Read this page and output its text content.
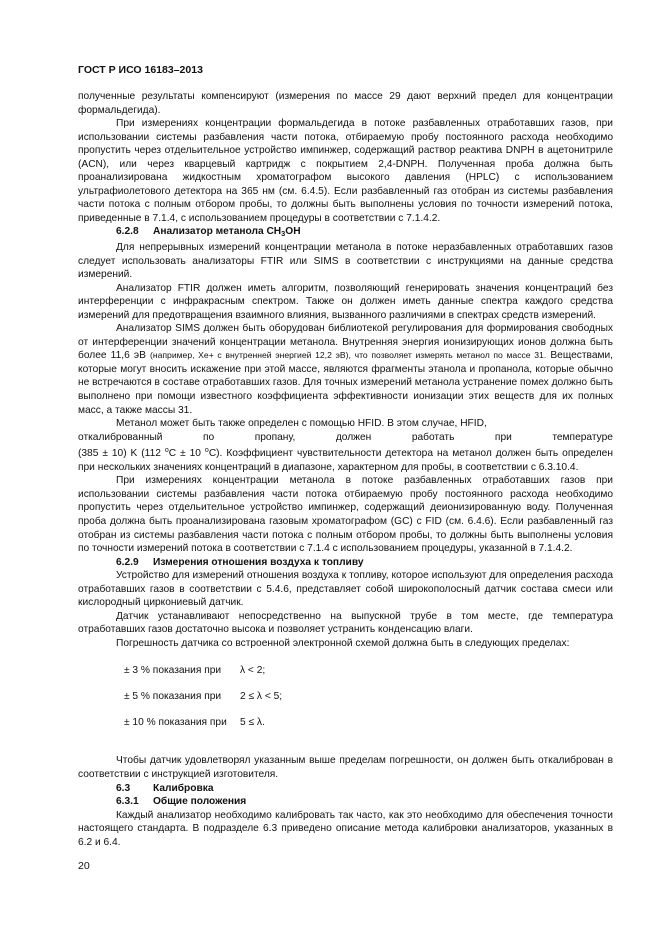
ГОСТ Р ИСО 16183–2013

полученные результаты компенсируют (измерения по массе 29 дают верхний предел для концентрации формальдегида).

При измерениях концентрации формальдегида в потоке разбавленных отработавших газов, при использовании системы разбавления части потока, отбираемую пробу постоянного расхода необходимо пропустить через отдельительное устройство импинжер, содержащий раствор реактива DNPH в ацетонитриле (ACN), или через кварцевый картридж с покрытием 2,4-DNPH. Полученная проба должна быть проанализирована жидкостным хроматографом высокого давления (HPLC) с использованием ультрафиолетового детектора на 365 нм (см. 6.4.5). Если разбавленный газ отобран из системы разбавления части потока с полным отбором пробы, то должны быть выполнены условия по точности измерений потока, приведенные в 7.1.4, с использованием процедуры в соответствии с 7.1.4.2.

6.2.8 Анализатор метанола $CH_3OH$

Для непрерывных измерений концентрации метанола в потоке неразбавленных отработавших газов следует использовать анализаторы FTIR или SIMS в соответствии с инструкциями на данные средства измерений.

Анализатор FTIR должен иметь алгоритм, позволяющий генерировать значения концентраций без интерференции с инфракрасным спектром. Также он должен иметь данные спектра каждого средства измерений для предотвращения взаимного влияния, вызванного различиями в спектрах средств измерений.

Анализатор SIMS должен быть оборудован библиотекой регулирования для формирования свободных от интерференции значений концентрации метанола. Внутренняя энергия ионизирующих ионов должна быть более 11,6 эВ (например, Xe+ с внутренней энергией 12,2 эВ), что позволяет измерять метанол по массе 31. Веществами, которые могут вносить искажение при этой массе, являются фрагменты этанола и пропанола, которые обычно не встречаются в составе отработавших газов. Для точных измерений метанола устранение помех должно быть выполнено при помощи известного коэффициента эффективности ионизации этих веществ для их полных масс, а также массы 31.

Метанол может быть также определен с помощью HFID. В этом случае, HFID,

откалиброванный	по	пропану,	должен	работать	при	температуре

(385 ± 10) K (112 $^о$C ± 10 $^о$C). Коэффициент чувствительности детектора на метанол должен быть определен при нескольких значениях концентраций в диапазоне, характерном для пробы, в соответствии с 6.3.10.4.

При измерениях концентрации метанола в потоке разбавленных отработавших газов при использовании системы разбавления части потока отбираемую пробу постоянного расхода необходимо пропустить через отдельительное устройство импинжер, содержащий деионизированную воду. Полученная проба должна быть проанализирована газовым хроматографом (GC) с FID (см. 6.4.6). Если разбавленный газ отобран из системы разбавления части потока с полным отбором пробы, то должны быть выполнены условия по точности измерений потока в соответствии с 7.1.4 с использованием процедуры, указанной в 7.1.4.2.

6.2.9 Измерения отношения воздуха к топливу

Устройство для измерений отношения воздуха к топливу, которое используют для определения расхода отработавших газов в соответствии с 5.4.6, представляет собой широкополосный датчик состава смеси или кислородный циркониевый датчик.

Датчик устанавливают непосредственно на выпускной трубе в том месте, где температура отработавших газов достаточно высока и позволяет устранить конденсацию влаги.

Погрешность датчика со встроенной электронной схемой должна быть в следующих пределах:

± 3 % показания при	λ < 2;
± 5 % показания при	2 ≤ λ < 5;
± 10 % показания при	5 ≤ λ.

Чтобы датчик удовлетворял указанным выше пределам погрешности, он должен быть откалиброван в соответствии с инструкцией изготовителя.

6.3 Калибровка

6.3.1 Общие положения

Каждый анализатор необходимо калибровать так часто, как это необходимо для обеспечения точности настоящего стандарта. В подразделе 6.3 приведено описание метода калибровки анализаторов, указанных в 6.2 и 6.4.

20
